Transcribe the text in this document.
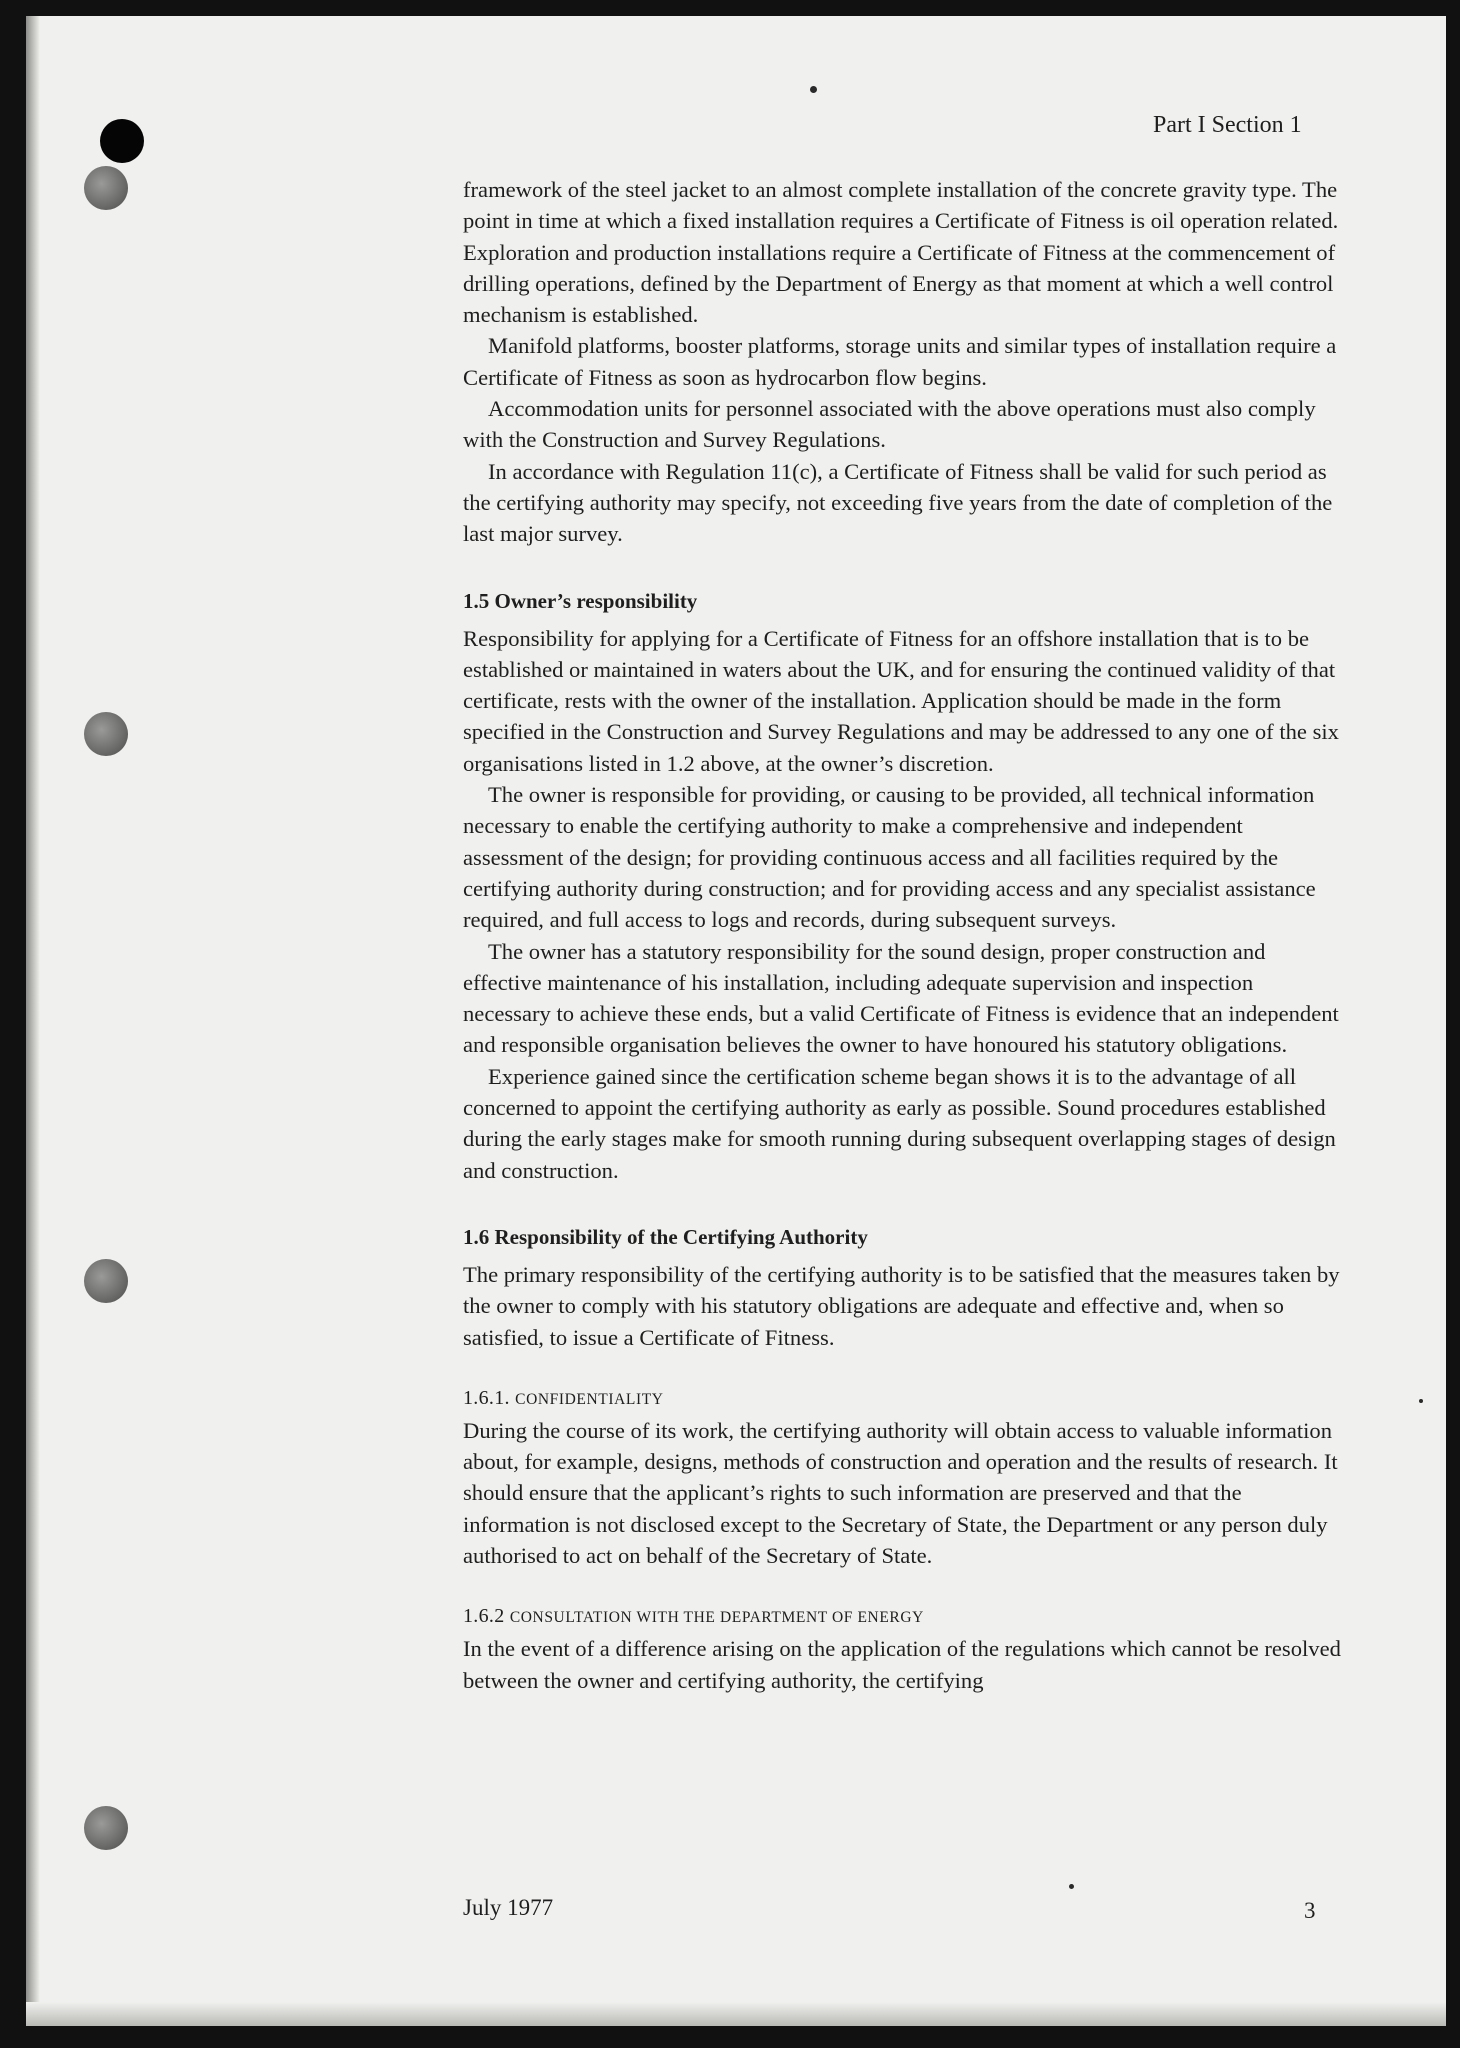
Part I Section 1

framework of the steel jacket to an almost complete installation of the concrete gravity type. The point in time at which a fixed installation requires a Certificate of Fitness is oil operation related. Exploration and production installations require a Certificate of Fitness at the commencement of drilling operations, defined by the Department of Energy as that moment at which a well control mechanism is established.

Manifold platforms, booster platforms, storage units and similar types of installation require a Certificate of Fitness as soon as hydrocarbon flow begins.

Accommodation units for personnel associated with the above operations must also comply with the Construction and Survey Regulations.

In accordance with Regulation 11(c), a Certificate of Fitness shall be valid for such period as the certifying authority may specify, not exceeding five years from the date of completion of the last major survey.

1.5 Owner’s responsibility

Responsibility for applying for a Certificate of Fitness for an offshore installation that is to be established or maintained in waters about the UK, and for ensuring the continued validity of that certificate, rests with the owner of the installation. Application should be made in the form specified in the Construction and Survey Regulations and may be addressed to any one of the six organisations listed in 1.2 above, at the owner’s discretion.

The owner is responsible for providing, or causing to be provided, all technical information necessary to enable the certifying authority to make a comprehensive and independent assessment of the design; for providing continuous access and all facilities required by the certifying authority during construction; and for providing access and any specialist assistance required, and full access to logs and records, during subsequent surveys.

The owner has a statutory responsibility for the sound design, proper construction and effective maintenance of his installation, including adequate supervision and inspection necessary to achieve these ends, but a valid Certificate of Fitness is evidence that an independent and responsible organisation believes the owner to have honoured his statutory obligations.

Experience gained since the certification scheme began shows it is to the advantage of all concerned to appoint the certifying authority as early as possible. Sound procedures established during the early stages make for smooth running during subsequent overlapping stages of design and construction.

1.6 Responsibility of the Certifying Authority

The primary responsibility of the certifying authority is to be satisfied that the measures taken by the owner to comply with his statutory obligations are adequate and effective and, when so satisfied, to issue a Certificate of Fitness.

1.6.1. CONFIDENTIALITY

During the course of its work, the certifying authority will obtain access to valuable information about, for example, designs, methods of construction and operation and the results of research. It should ensure that the applicant’s rights to such information are preserved and that the information is not disclosed except to the Secretary of State, the Department or any person duly authorised to act on behalf of the Secretary of State.

1.6.2 CONSULTATION WITH THE DEPARTMENT OF ENERGY

In the event of a difference arising on the application of the regulations which cannot be resolved between the owner and certifying authority, the certifying

July 1977	3
